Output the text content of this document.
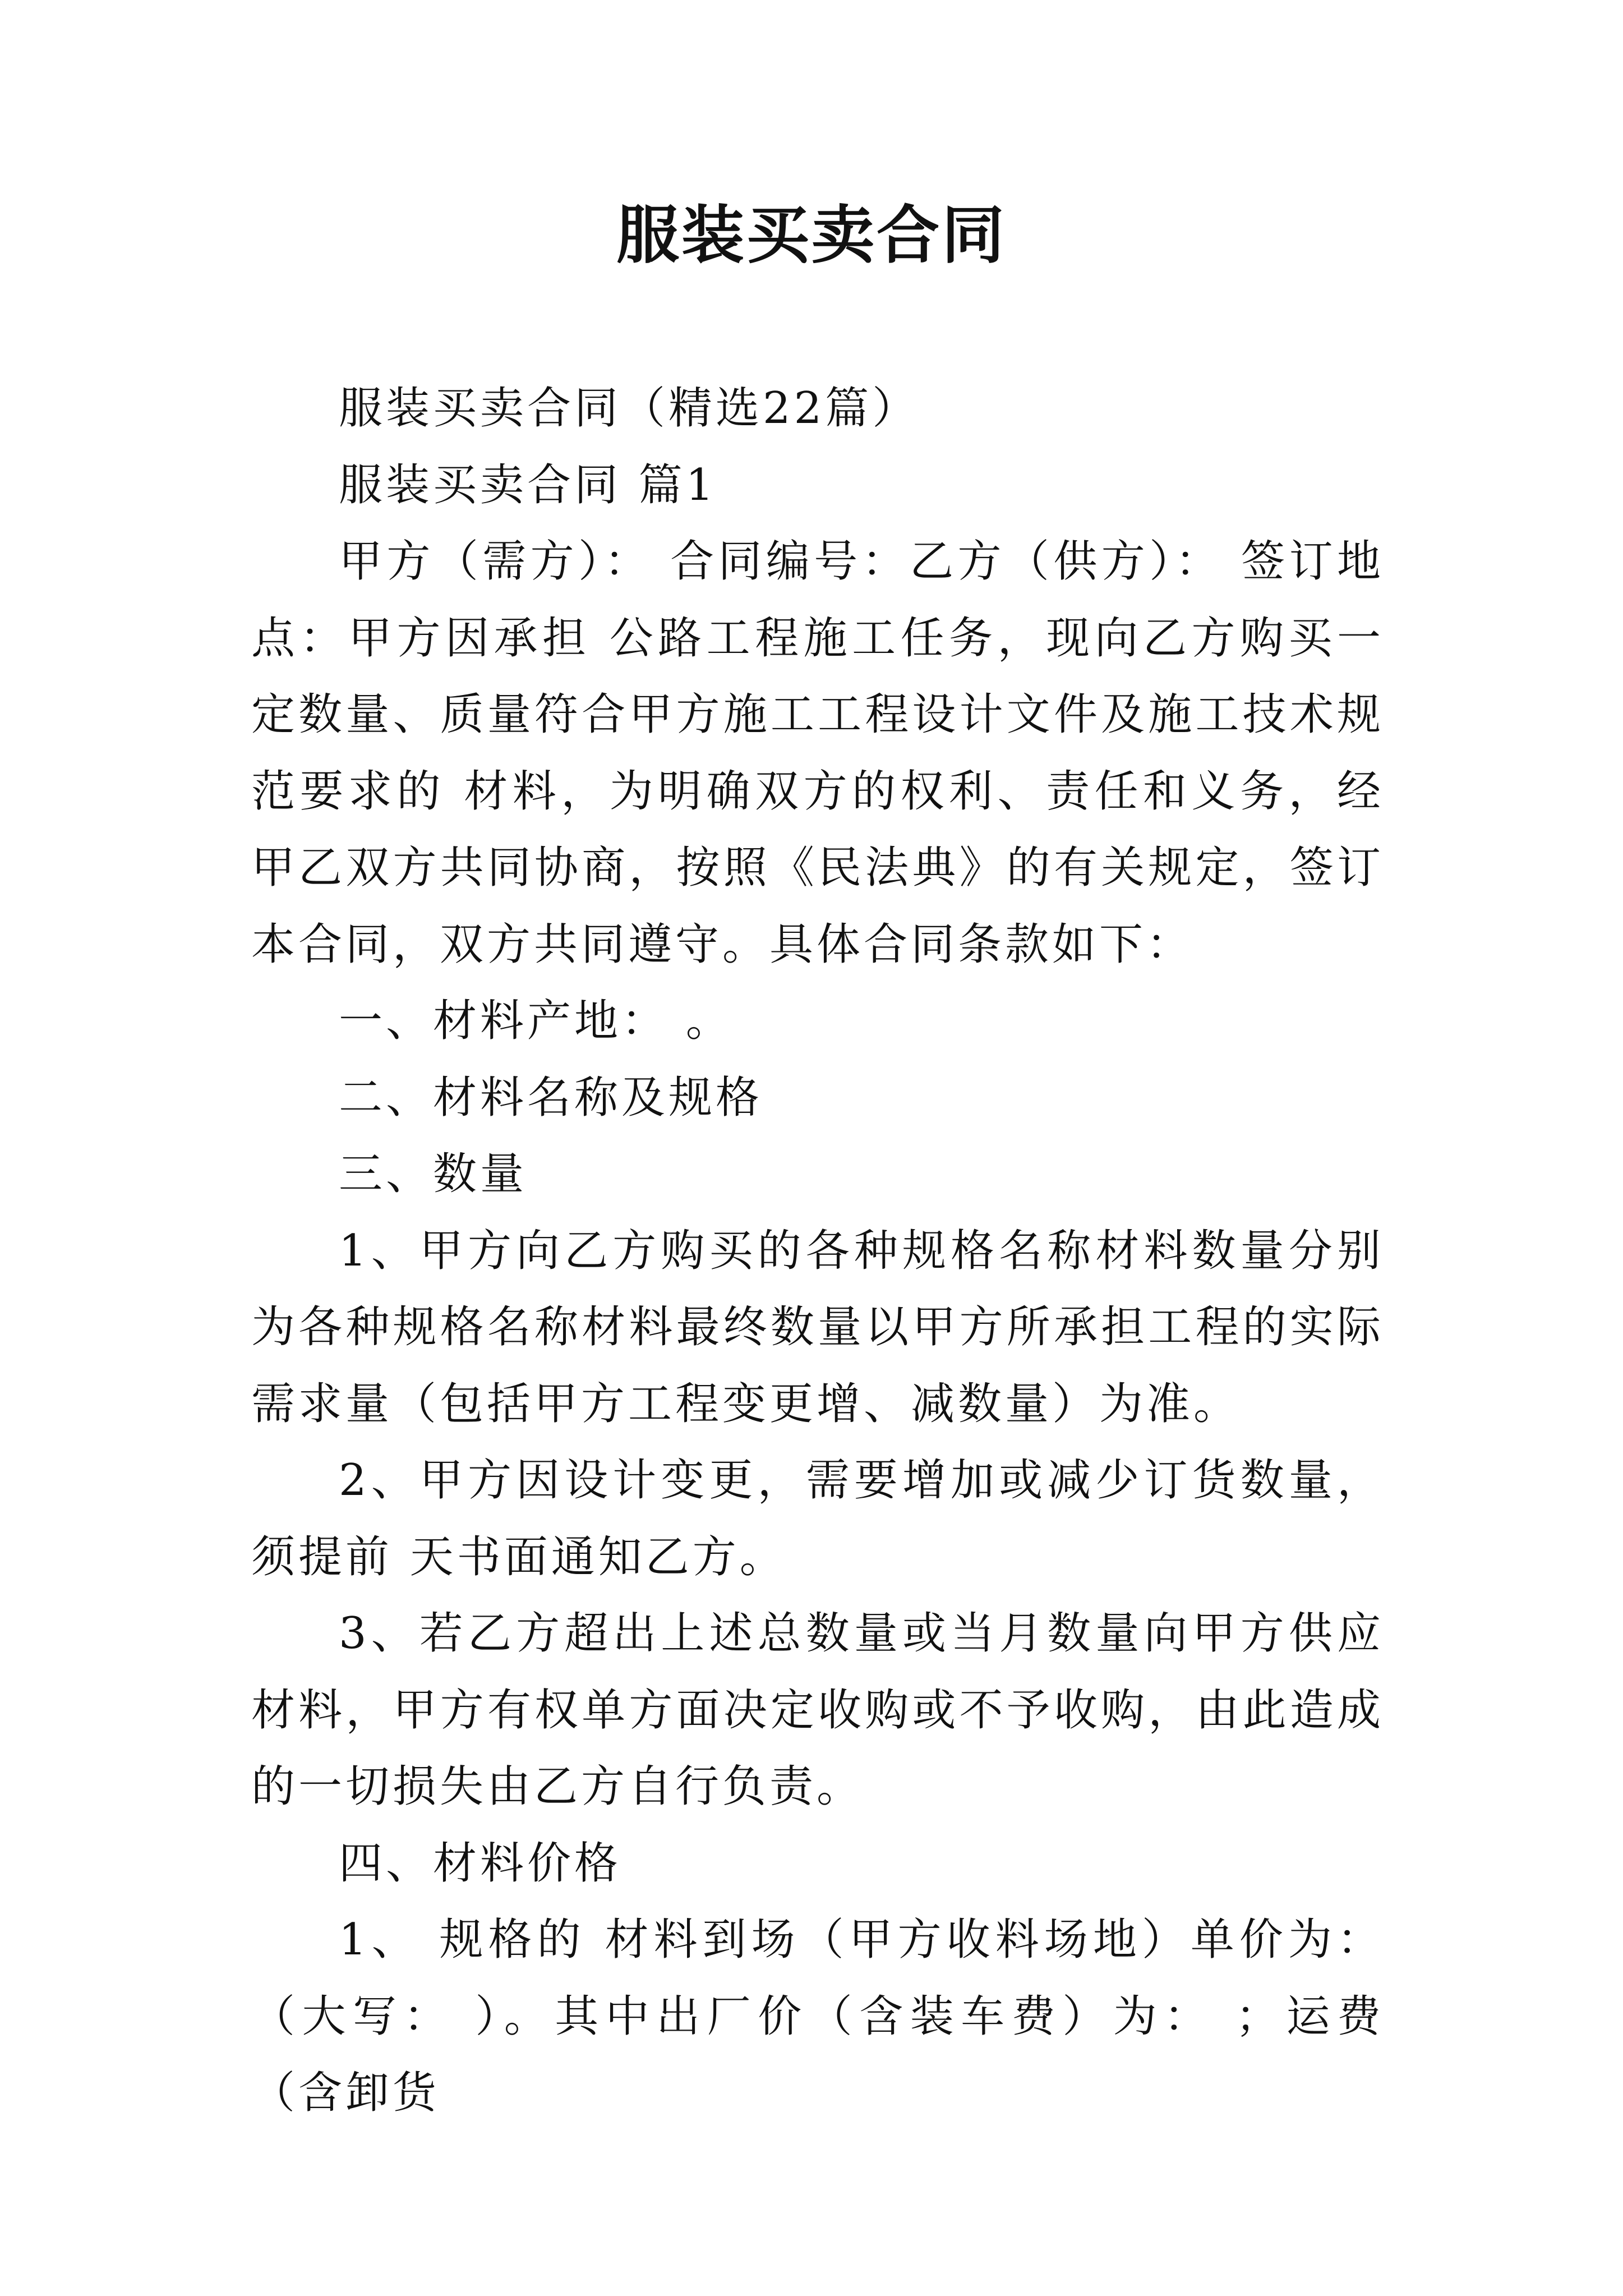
服装买卖合同

服装买卖合同（精选22篇）

服装买卖合同 篇1

甲方（需方）： 合同编号：乙方（供方）： 签订地点：甲方因承担 公路工程施工任务，现向乙方购买一定数量、质量符合甲方施工工程设计文件及施工技术规范要求的 材料，为明确双方的权利、责任和义务，经甲乙双方共同协商，按照《民法典》的有关规定，签订本合同，双方共同遵守。具体合同条款如下：

一、材料产地： 。

二、材料名称及规格

三、数量

1、甲方向乙方购买的各种规格名称材料数量分别为各种规格名称材料最终数量以甲方所承担工程的实际需求量（包括甲方工程变更增、减数量）为准。

2、甲方因设计变更，需要增加或减少订货数量，须提前 天书面通知乙方。

3、若乙方超出上述总数量或当月数量向甲方供应材料，甲方有权单方面决定收购或不予收购，由此造成的一切损失由乙方自行负责。

四、材料价格

1、 规格的 材料到场（甲方收料场地）单价为： （大写： ）。其中出厂价（含装车费）为： ；运费（含卸货
